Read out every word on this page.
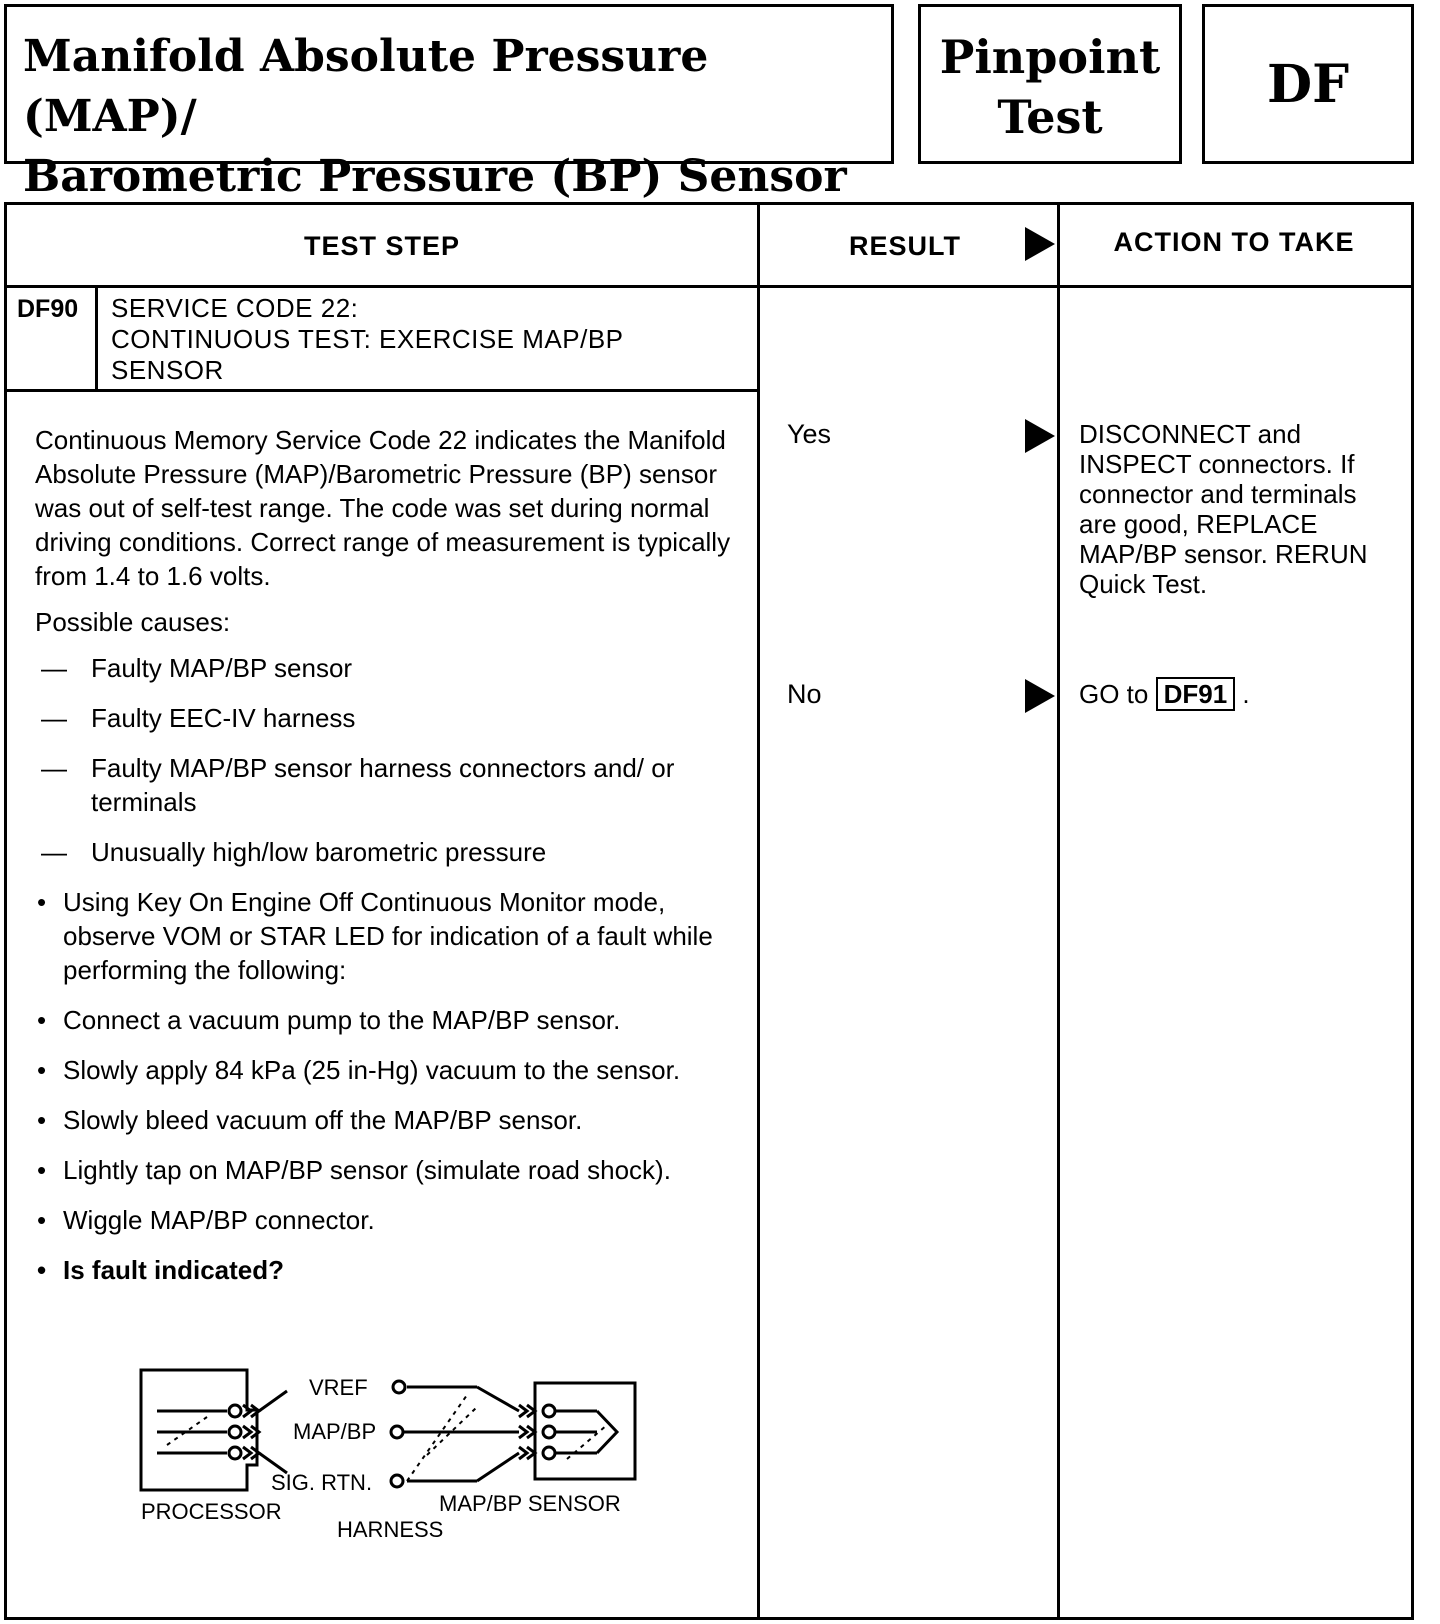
Manifold Absolute Pressure (MAP)/
Barometric Pressure (BP) Sensor
Pinpoint
Test
DF
TEST STEP	RESULT	ACTION TO TAKE
DF90 SERVICE CODE 22:
CONTINUOUS TEST: EXERCISE MAP/BP
SENSOR

Continuous Memory Service Code 22 indicates the Manifold Absolute Pressure (MAP)/Barometric Pressure (BP) sensor was out of self-test range. The code was set during normal driving conditions. Correct range of measurement is typically from 1.4 to 1.6 volts.

Possible causes:

— Faulty MAP/BP sensor
— Faulty EEC-IV harness
— Faulty MAP/BP sensor harness connectors and/ or terminals
— Unusually high/low barometric pressure
• Using Key On Engine Off Continuous Monitor mode, observe VOM or STAR LED for indication of a fault while performing the following:
• Connect a vacuum pump to the MAP/BP sensor.
• Slowly apply 84 kPa (25 in-Hg) vacuum to the sensor.
• Slowly bleed vacuum off the MAP/BP sensor.
• Lightly tap on MAP/BP sensor (simulate road shock).
• Wiggle MAP/BP connector.
• Is fault indicated?
VREF
MAP/BP
SIG. RTN.
PROCESSOR	MAP/BP SENSOR
HARNESS
Yes	DISCONNECT and INSPECT connectors. If connector and terminals are good, REPLACE MAP/BP sensor. RERUN Quick Test.
No	GO to DF91 .
